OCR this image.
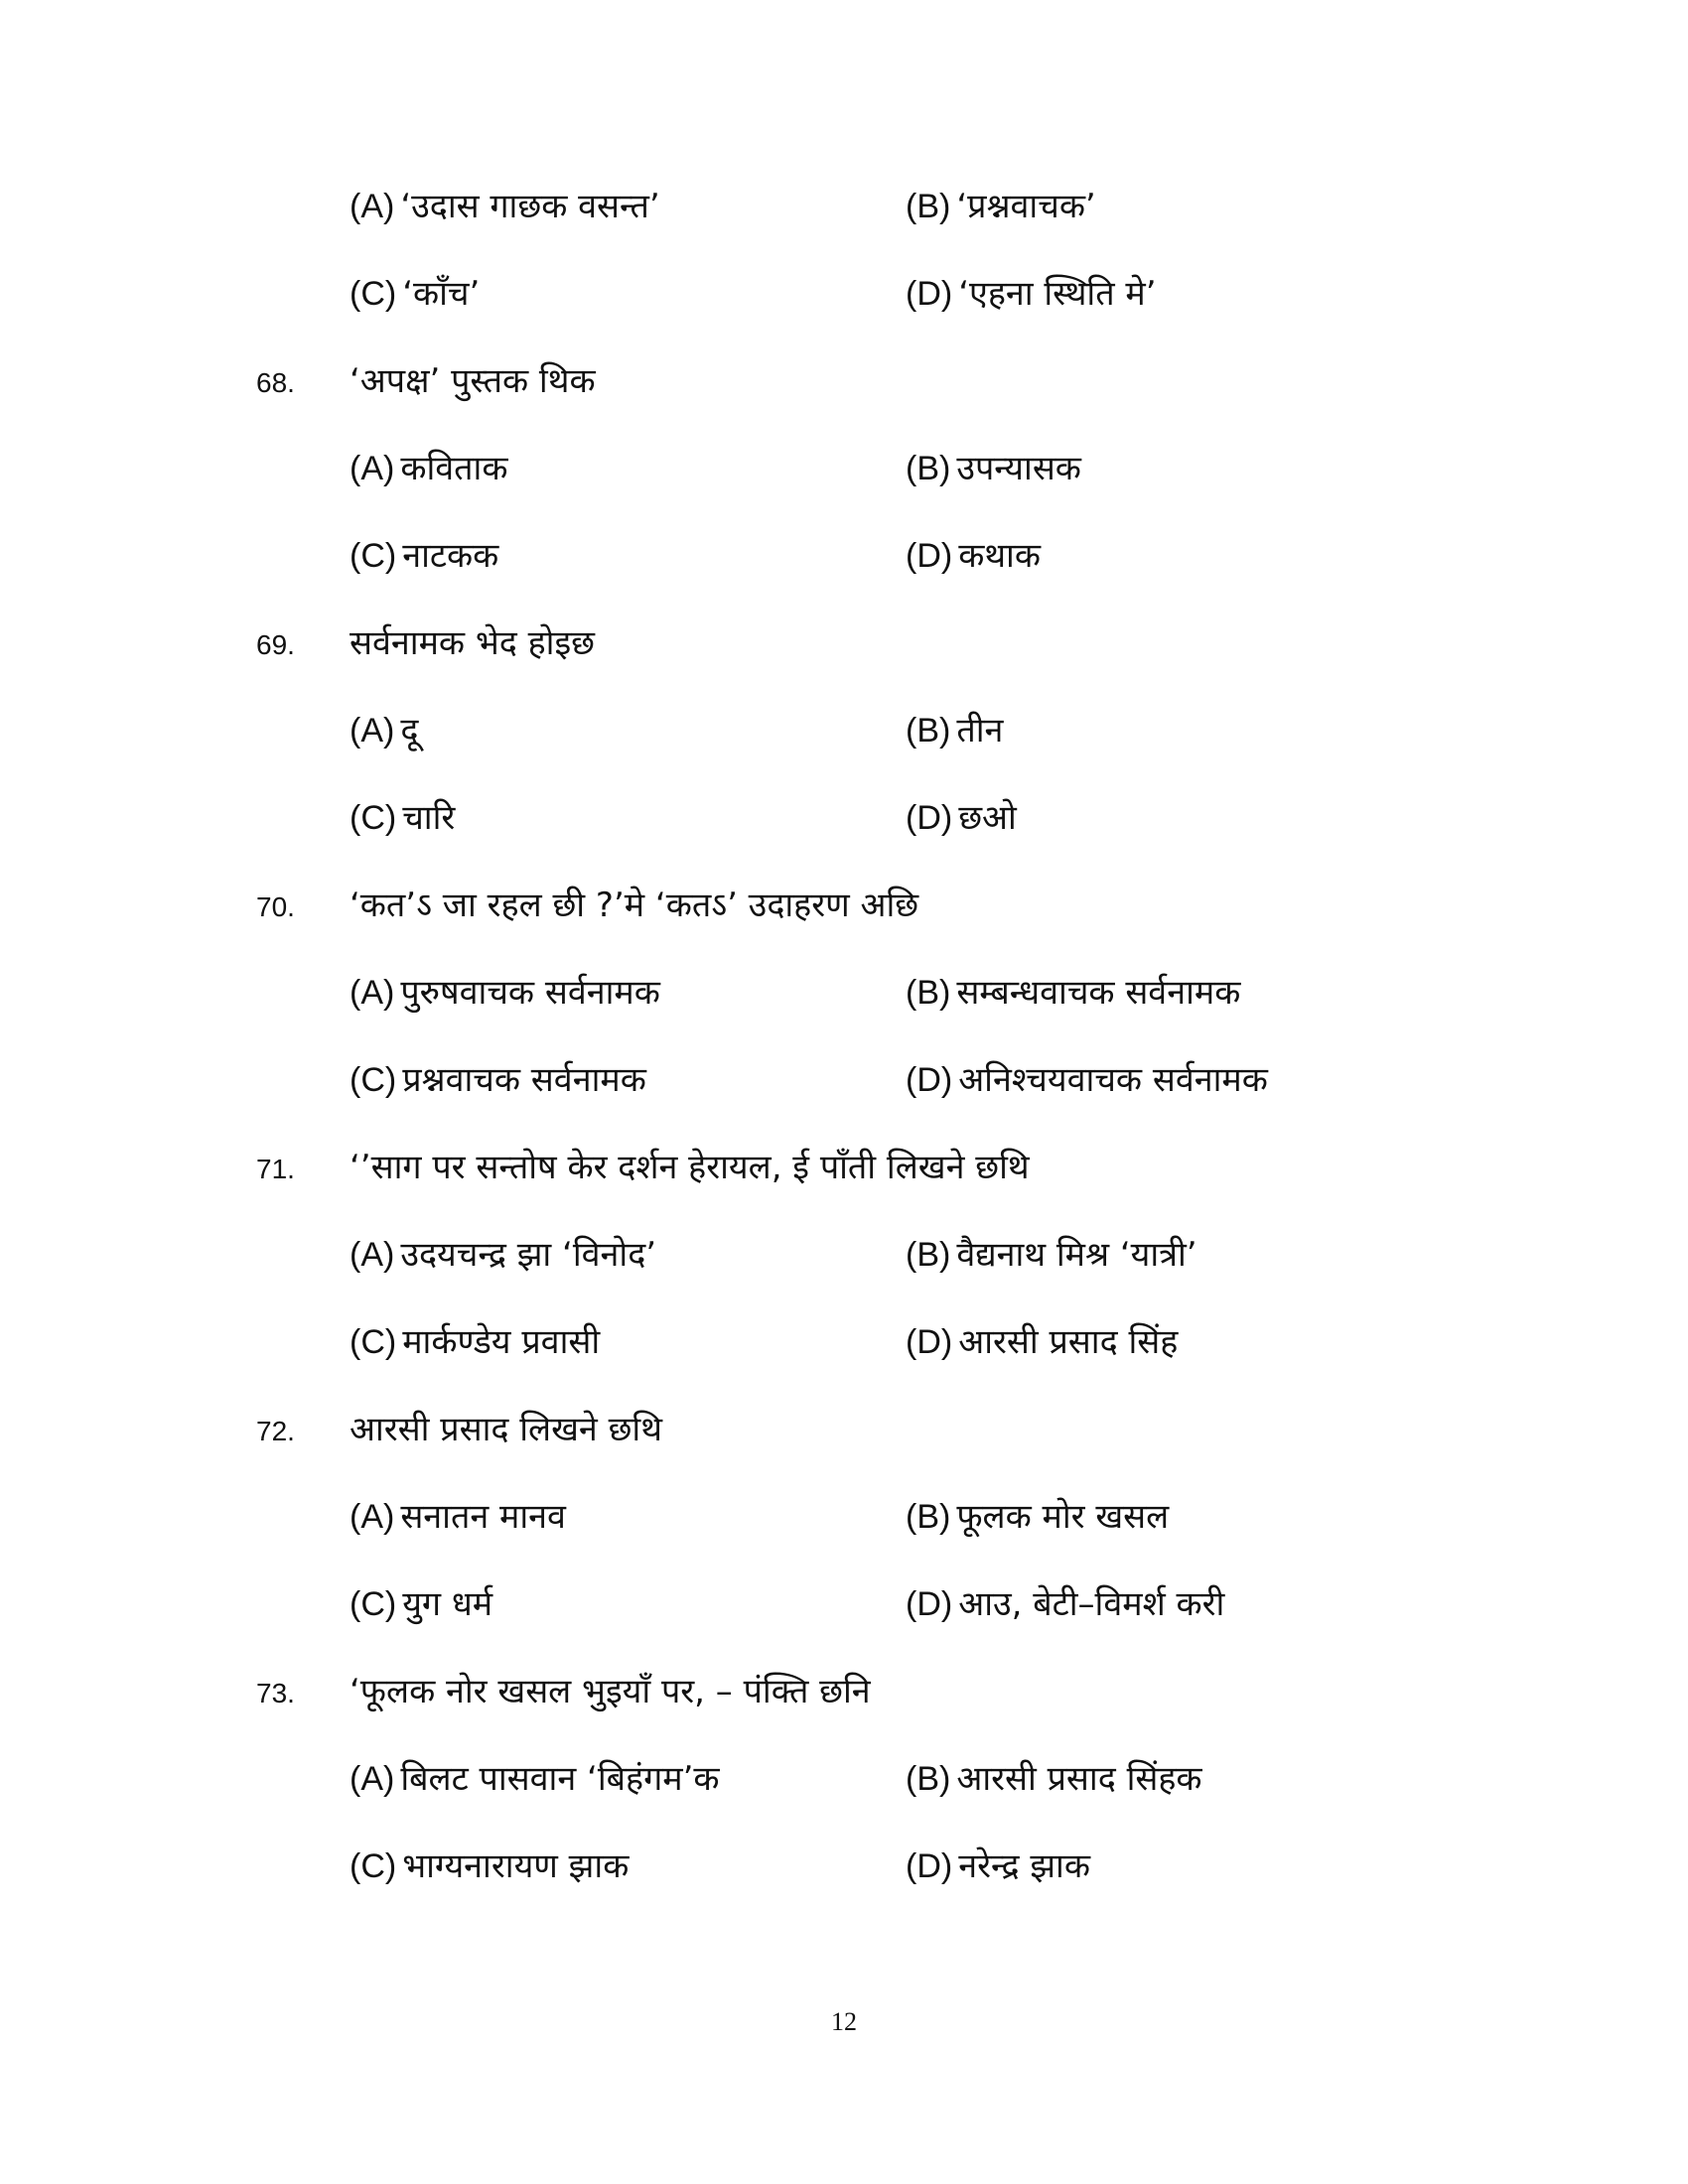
(A) ‘उदास गाछक वसन्त’	(B) ‘प्रश्नवाचक’
(C) ‘काँच’	(D) ‘एहना स्थिति मे’
68. ‘अपक्ष’ पुस्तक थिक
(A) कविताक	(B) उपन्यासक
(C) नाटकक	(D) कथाक
69. सर्वनामक भेद होइछ
(A) दू	(B) तीन
(C) चारि	(D) छओ
70. ‘कत’ऽ जा रहल छी ?’मे ‘कतऽ’ उदाहरण अछि
(A) पुरुषवाचक सर्वनामक	(B) सम्बन्धवाचक सर्वनामक
(C) प्रश्नवाचक सर्वनामक	(D) अनिश्चयवाचक सर्वनामक
71. ‘’साग पर सन्तोष केर दर्शन हेरायल, ई पाँती लिखने छथि
(A) उदयचन्द्र झा ‘विनोद’	(B) वैद्यनाथ मिश्र ‘यात्री’
(C) मार्कण्डेय प्रवासी	(D) आरसी प्रसाद सिंह
72. आरसी प्रसाद लिखने छथि
(A) सनातन मानव	(B) फूलक मोर खसल
(C) युग धर्म	(D) आउ, बेटी–विमर्श करी
73. ‘फूलक नोर खसल भुइयाँ पर, – पंक्ति छनि
(A) बिलट पासवान ‘बिहंगम’क	(B) आरसी प्रसाद सिंहक
(C) भाग्यनारायण झाक	(D) नरेन्द्र झाक
12
